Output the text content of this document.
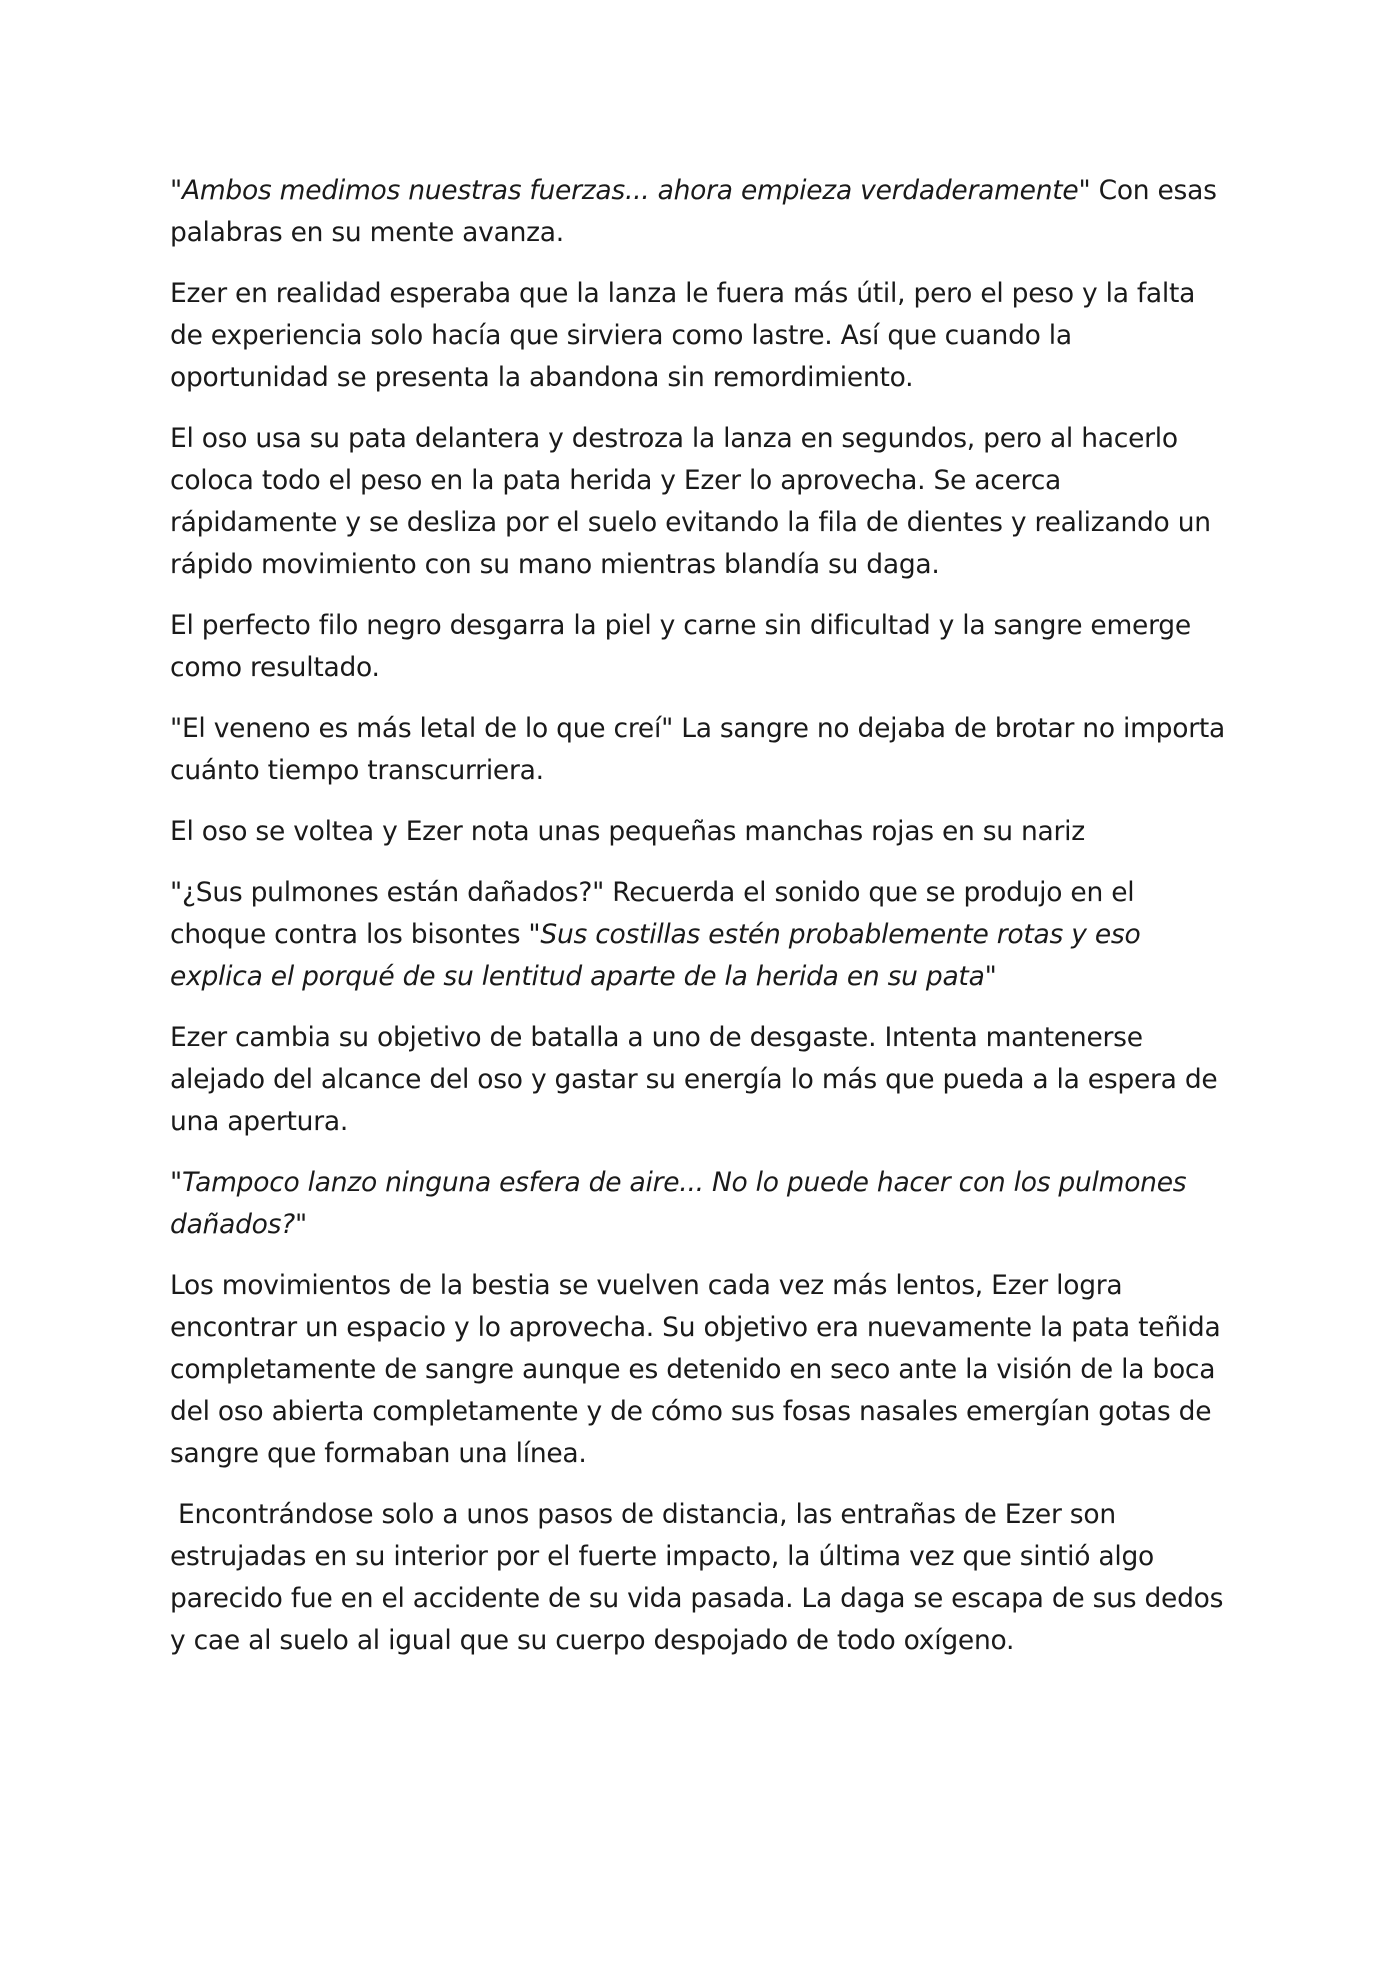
"Ambos medimos nuestras fuerzas... ahora empieza verdaderamente" Con esas palabras en su mente avanza.

Ezer en realidad esperaba que la lanza le fuera más útil, pero el peso y la falta de experiencia solo hacía que sirviera como lastre. Así que cuando la oportunidad se presenta la abandona sin remordimiento.

El oso usa su pata delantera y destroza la lanza en segundos, pero al hacerlo coloca todo el peso en la pata herida y Ezer lo aprovecha. Se acerca rápidamente y se desliza por el suelo evitando la fila de dientes y realizando un rápido movimiento con su mano mientras blandía su daga.

El perfecto filo negro desgarra la piel y carne sin dificultad y la sangre emerge como resultado.

"El veneno es más letal de lo que creí" La sangre no dejaba de brotar no importa cuánto tiempo transcurriera.

El oso se voltea y Ezer nota unas pequeñas manchas rojas en su nariz

"¿Sus pulmones están dañados?" Recuerda el sonido que se produjo en el choque contra los bisontes "Sus costillas estén probablemente rotas y eso explica el porqué de su lentitud aparte de la herida en su pata"

Ezer cambia su objetivo de batalla a uno de desgaste. Intenta mantenerse alejado del alcance del oso y gastar su energía lo más que pueda a la espera de una apertura.

"Tampoco lanzo ninguna esfera de aire... No lo puede hacer con los pulmones dañados?"

Los movimientos de la bestia se vuelven cada vez más lentos, Ezer logra encontrar un espacio y lo aprovecha. Su objetivo era nuevamente la pata teñida completamente de sangre aunque es detenido en seco ante la visión de la boca del oso abierta completamente y de cómo sus fosas nasales emergían gotas de sangre que formaban una línea.

Encontrándose solo a unos pasos de distancia, las entrañas de Ezer son estrujadas en su interior por el fuerte impacto, la última vez que sintió algo parecido fue en el accidente de su vida pasada. La daga se escapa de sus dedos y cae al suelo al igual que su cuerpo despojado de todo oxígeno.
